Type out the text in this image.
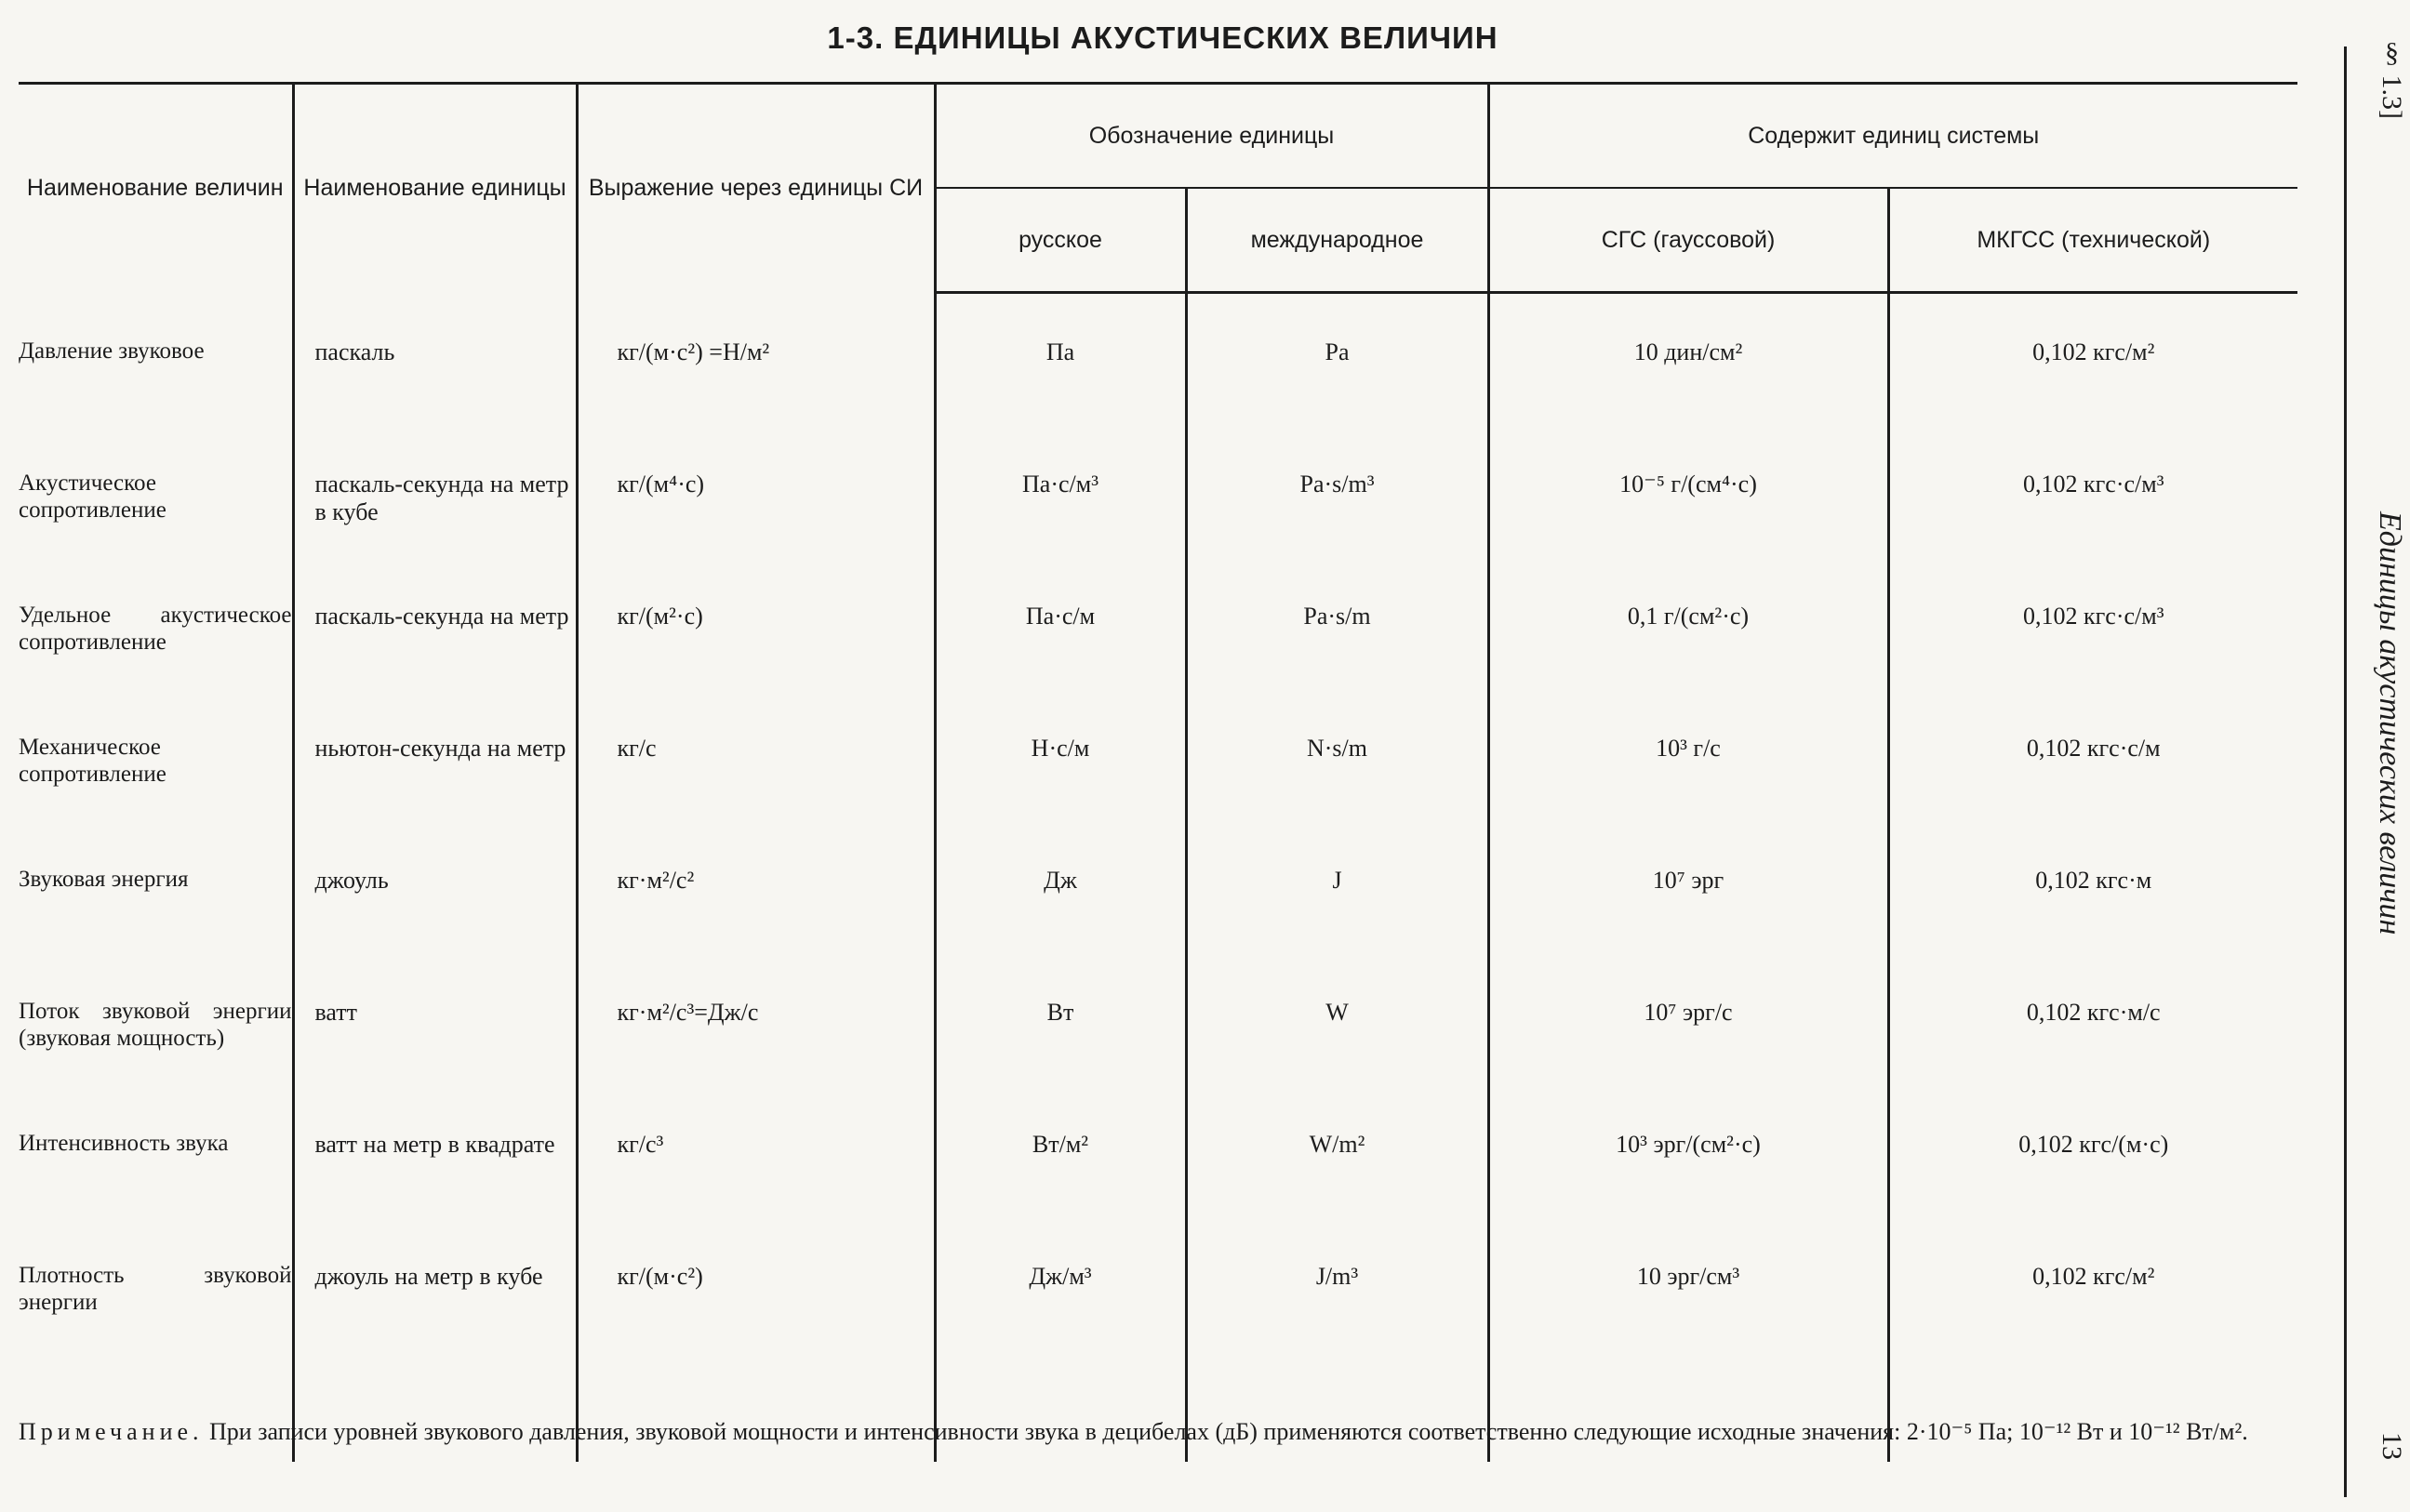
1-3. ЕДИНИЦЫ АКУСТИЧЕСКИХ ВЕЛИЧИН
Наименование величин	Наименование единицы	Выражение через единицы СИ	Обозначение единицы		Содержит единиц системы	
			русское	международное	СГС (гауссовой)	МКГСС (технической)

Давление звуковое	паскаль	кг/(м·с²) =Н/м²	Па	Pa	10 дин/см²	0,102 кгс/м²
Акустическое сопротивление	паскаль-секунда на метр в кубе	кг/(м⁴·с)	Па·с/м³	Pa·s/m³	10⁻⁵ г/(см⁴·с)	0,102 кгс·с/м³
Удельное акустическое сопротивление	паскаль-секунда на метр	кг/(м²·с)	Па·с/м	Pa·s/m	0,1 г/(см²·с)	0,102 кгс·с/м³
Механическое сопротивление	ньютон-секунда на метр	кг/с	Н·с/м	N·s/m	10³ г/с	0,102 кгс·с/м
Звуковая энергия	джоуль	кг·м²/с²	Дж	J	10⁷ эрг	0,102 кгс·м
Поток звуковой энергии (звуковая мощность)	ватт	кг·м²/с³=Дж/с	Вт	W	10⁷ эрг/с	0,102 кгс·м/с
Интенсивность звука	ватт на метр в квадрате	кг/с³	Вт/м²	W/m²	10³ эрг/(см²·с)	0,102 кгс/(м·с)
Плотность звуковой энергии	джоуль на метр в кубе	кг/(м·с²)	Дж/м³	J/m³	10 эрг/см³	0,102 кгс/м²

Примечание. При записи уровней звукового давления, звуковой мощности и интенсивности звука в децибелах (дБ) применяются соответственно следующие исходные значения: 2·10⁻⁵ Па; 10⁻¹² Вт и 10⁻¹² Вт/м².
§ 1.3]
Единицы акустических величин
13
